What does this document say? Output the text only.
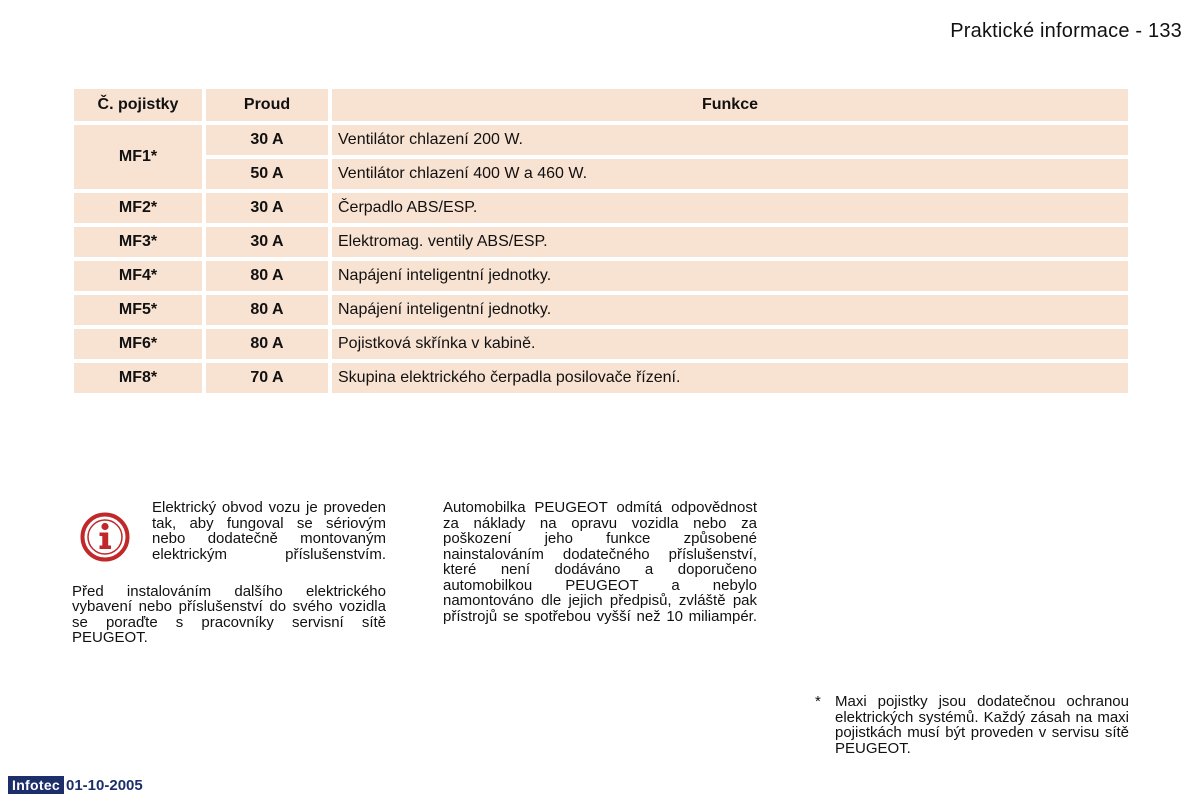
Praktické informace - 133
Č. pojistky	Proud	Funkce
MF1*	30 A	Ventilátor chlazení 200 W.
	50 A	Ventilátor chlazení 400 W a 460 W.
MF2*	30 A	Čerpadlo ABS/ESP.
MF3*	30 A	Elektromag. ventily ABS/ESP.
MF4*	80 A	Napájení inteligentní jednotky.
MF5*	80 A	Napájení inteligentní jednotky.
MF6*	80 A	Pojistková skřínka v kabině.
MF8*	70 A	Skupina elektrického čerpadla posilovače řízení.
Elektrický obvod vozu je proveden tak, aby fungoval se sériovým nebo dodatečně montovaným elektrickým příslušenstvím.
Před instalováním dalšího elektrického vybavení nebo příslušenství do svého vozidla se poraďte s pracovníky servisní sítě PEUGEOT.
Automobilka PEUGEOT odmítá odpovědnost za náklady na opravu vozidla nebo za poškození jeho funkce způsobené nainstalováním dodatečného příslušenství, které není dodáváno a doporučeno automobilkou PEUGEOT a nebylo namontováno dle jejich předpisů, zvláště pak přístrojů se spotřebou vyšší než 10 miliampér.
* Maxi pojistky jsou dodatečnou ochranou elektrických systémů. Každý zásah na maxi pojistkách musí být proveden v servisu sítě PEUGEOT.
Infotec 01-10-2005
